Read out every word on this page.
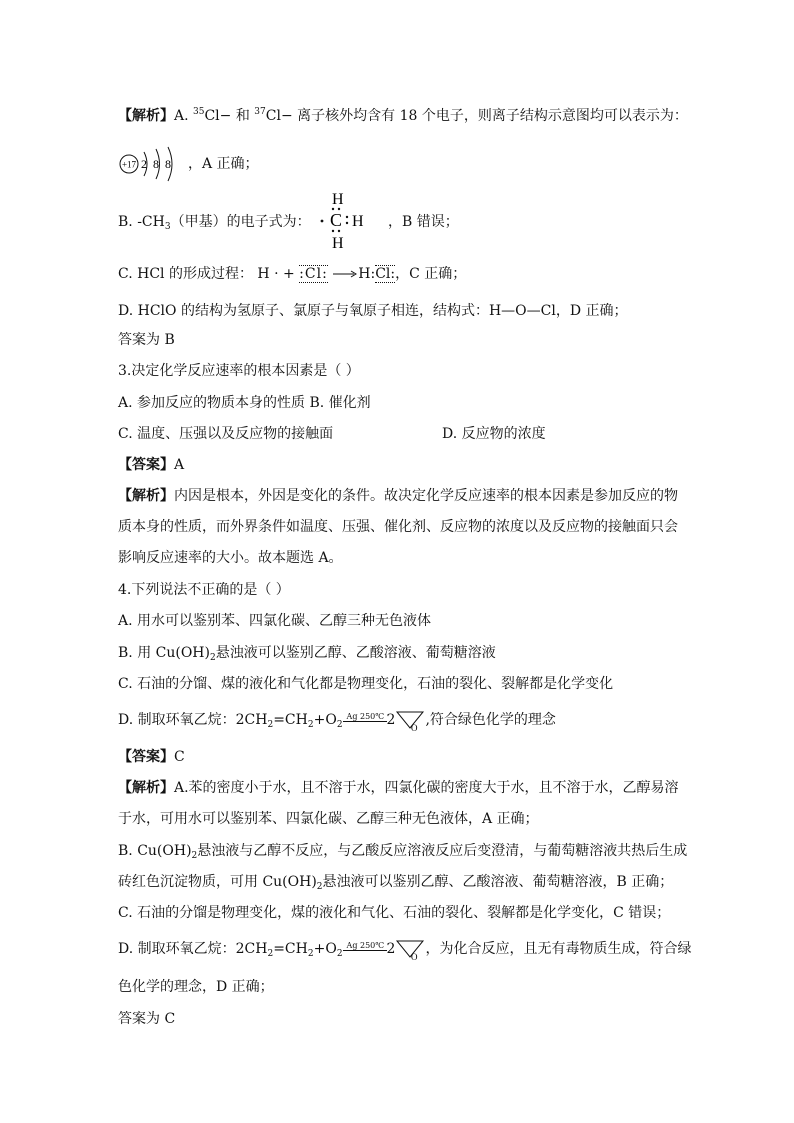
【解析】A. $^{35}$Cl− 和 $^{37}$Cl− 离子核外均含有 18 个电子，则离子结构示意图均可以表示为：
+17 2 8 8 ，A 正确；
B. $-CH_3$（甲基）的电子式为：
H
C H
H
，B 错误；
C. HCl 的形成过程： H · + :Cl: H:Cl:，C 正确；
D. HClO 的结构为氢原子、氯原子与氧原子相连，结构式：H—O—Cl，D 正确；
答案为 B
3.决定化学反应速率的根本因素是（ ）
A. 参加反应的物质本身的性质 B. 催化剂
C. 温度、压强以及反应物的接触面	D. 反应物的浓度
【答案】A
【解析】内因是根本，外因是变化的条件。故决定化学反应速率的根本因素是参加反应的物
质本身的性质，而外界条件如温度、压强、催化剂、反应物的浓度以及反应物的接触面只会
影响反应速率的大小。故本题选 A。
4.下列说法不正确的是（ ）
A. 用水可以鉴别苯、四氯化碳、乙醇三种无色液体
B. 用 $Cu(OH)_2$悬浊液可以鉴别乙醇、乙酸溶液、葡萄糖溶液
C. 石油的分馏、煤的液化和气化都是物理变化，石油的裂化、裂解都是化学变化
D. 制取环氧乙烷：$2CH_2=CH_2+O_2$
Ag 250℃ 2 O ,符合绿色化学的理念
【答案】C
【解析】A.苯的密度小于水，且不溶于水，四氯化碳的密度大于水，且不溶于水，乙醇易溶
于水，可用水可以鉴别苯、四氯化碳、乙醇三种无色液体，A 正确；
B. $Cu(OH)_2$悬浊液与乙醇不反应，与乙酸反应溶液反应后变澄清，与葡萄糖溶液共热后生成
砖红色沉淀物质，可用 $Cu(OH)_2$悬浊液可以鉴别乙醇、乙酸溶液、葡萄糖溶液，B 正确；
C. 石油的分馏是物理变化，煤的液化和气化、石油的裂化、裂解都是化学变化，C 错误；
D. 制取环氧乙烷：$2CH_2=CH_2+O_2$
Ag 250℃ 2 O ，为化合反应，且无有毒物质生成，符合绿
色化学的理念，D 正确；
答案为 C
